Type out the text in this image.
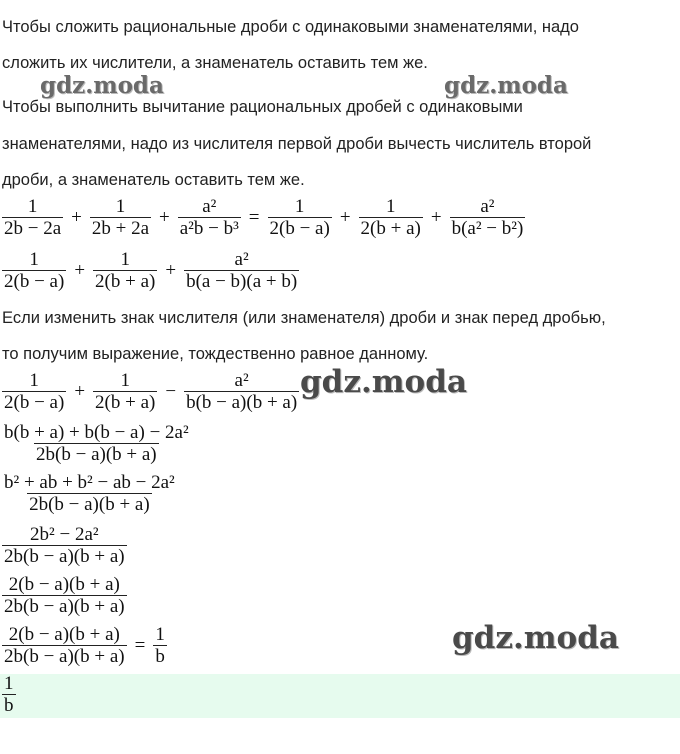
Чтобы сложить рациональные дроби с одинаковыми знаменателями, надо
сложить их числители, а знаменатель оставить тем же.
Чтобы выполнить вычитание рациональных дробей с одинаковыми
знаменателями, надо из числителя первой дроби вычесть числитель второй
дроби, а знаменатель оставить тем же.
Если изменить знак числителя (или знаменателя) дроби и знак перед дробью,
то получим выражение, тождественно равное данному.
$\frac{1}{2b - 2a} + \frac{1}{2b + 2a} + \frac{\text{a²}}{\text{a²b − b³}} = \frac{1}{2(b - a)} + \frac{1}{2(b + a)} + \frac{\text{a²}}{\text{b(a² − b²)}}$
$\frac{1}{2(b - a)} + \frac{1}{2(b + a)} + \frac{\text{a²}}{b(a - b)(a + b)}$
$\frac{1}{2(b - a)} + \frac{1}{2(b + a)} - \frac{\text{a²}}{b(b - a)(b + a)}$
$\frac{\text{b(b + a) + b(b − a) − 2a²}}{2b(b - a)(b + a)}$
$\frac{\text{b² + ab + b² − ab − 2a²}}{2b(b - a)(b + a)}$
$\frac{\text{2b² − 2a²}}{2b(b - a)(b + a)}$
$\frac{2(b - a)(b + a)}{2b(b - a)(b + a)}$
$\frac{2(b - a)(b + a)}{2b(b - a)(b + a)} = \frac{1}{b}$
$\frac{1}{b}$
gdz.moda	gdz.moda
gdz.moda
gdz.moda
